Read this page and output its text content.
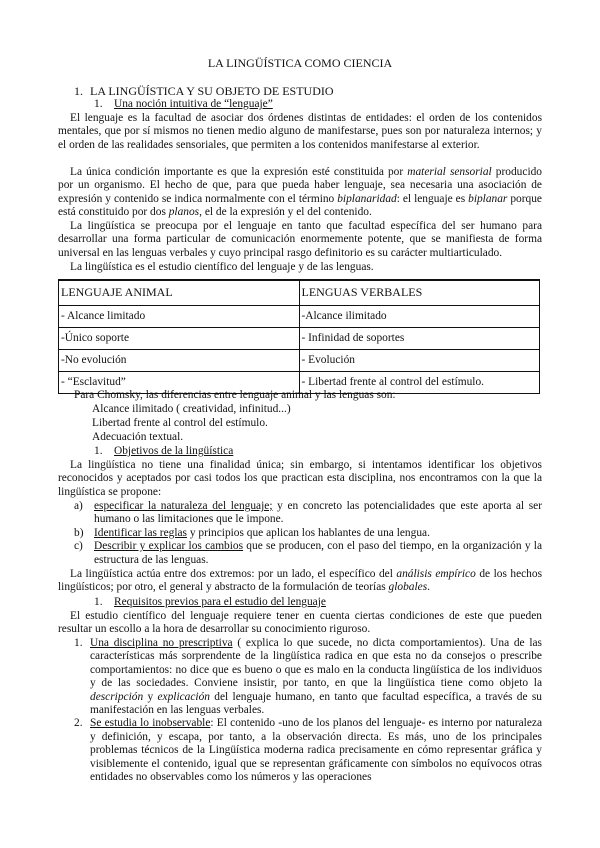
LA LINGÜÍSTICA COMO CIENCIA
1. LA LINGÜÍSTICA Y SU OBJETO DE ESTUDIO
1. Una noción intuitiva de “lenguaje”
El lenguaje es la facultad de asociar dos órdenes distintas de entidades: el orden de los contenidos mentales, que por sí mismos no tienen medio alguno de manifestarse, pues son por naturaleza internos; y el orden de las realidades sensoriales, que permiten a los contenidos manifestarse al exterior.
La única condición importante es que la expresión esté constituida por material sensorial producido por un organismo. El hecho de que, para que pueda haber lenguaje, sea necesaria una asociación de expresión y contenido se indica normalmente con el término biplanaridad: el lenguaje es biplanar porque está constituido por dos planos, el de la expresión y el del contenido.
La lingüística se preocupa por el lenguaje en tanto que facultad específica del ser humano para desarrollar una forma particular de comunicación enormemente potente, que se manifiesta de forma universal en las lenguas verbales y cuyo principal rasgo definitorio es su carácter multiarticulado.
La lingüística es el estudio científico del lenguaje y de las lenguas.
LENGUAJE ANIMAL	LENGUAS VERBALES
- Alcance limitado	-Alcance ilimitado
-Único soporte	- Infinidad de soportes
-No evolución	- Evolución
- “Esclavitud”	- Libertad frente al control del estímulo.
Para Chomsky, las diferencias entre lenguaje animal y las lenguas son:
Alcance ilimitado ( creatividad, infinitud...)
Libertad frente al control del estímulo.
Adecuación textual.
1. Objetivos de la lingüística
La lingüística no tiene una finalidad única; sin embargo, si intentamos identificar los objetivos reconocidos y aceptados por casi todos los que practican esta disciplina, nos encontramos con la que la lingüística se propone:
a) especificar la naturaleza del lenguaje; y en concreto las potencialidades que este aporta al ser humano o las limitaciones que le impone.
b) Identificar las reglas y principios que aplican los hablantes de una lengua.
c) Describir y explicar los cambios que se producen, con el paso del tiempo, en la organización y la estructura de las lenguas.
La lingüística actúa entre dos extremos: por un lado, el específico del análisis empírico de los hechos lingüísticos; por otro, el general y abstracto de la formulación de teorías globales.
1. Requisitos previos para el estudio del lenguaje
El estudio científico del lenguaje requiere tener en cuenta ciertas condiciones de este que pueden resultar un escollo a la hora de desarrollar su conocimiento riguroso.
1. Una disciplina no prescriptiva ( explica lo que sucede, no dicta comportamientos). Una de las características más sorprendente de la lingüística radica en que esta no da consejos o prescribe comportamientos: no dice que es bueno o que es malo en la conducta lingüística de los individuos y de las sociedades. Conviene insistir, por tanto, en que la lingüística tiene como objeto la descripción y explicación del lenguaje humano, en tanto que facultad específica, a través de su manifestación en las lenguas verbales.
2. Se estudia lo inobservable: El contenido -uno de los planos del lenguaje- es interno por naturaleza y definición, y escapa, por tanto, a la observación directa. Es más, uno de los principales problemas técnicos de la Lingüística moderna radica precisamente en cómo representar gráfica y visiblemente el contenido, igual que se representan gráficamente con símbolos no equívocos otras entidades no observables como los números y las operaciones
